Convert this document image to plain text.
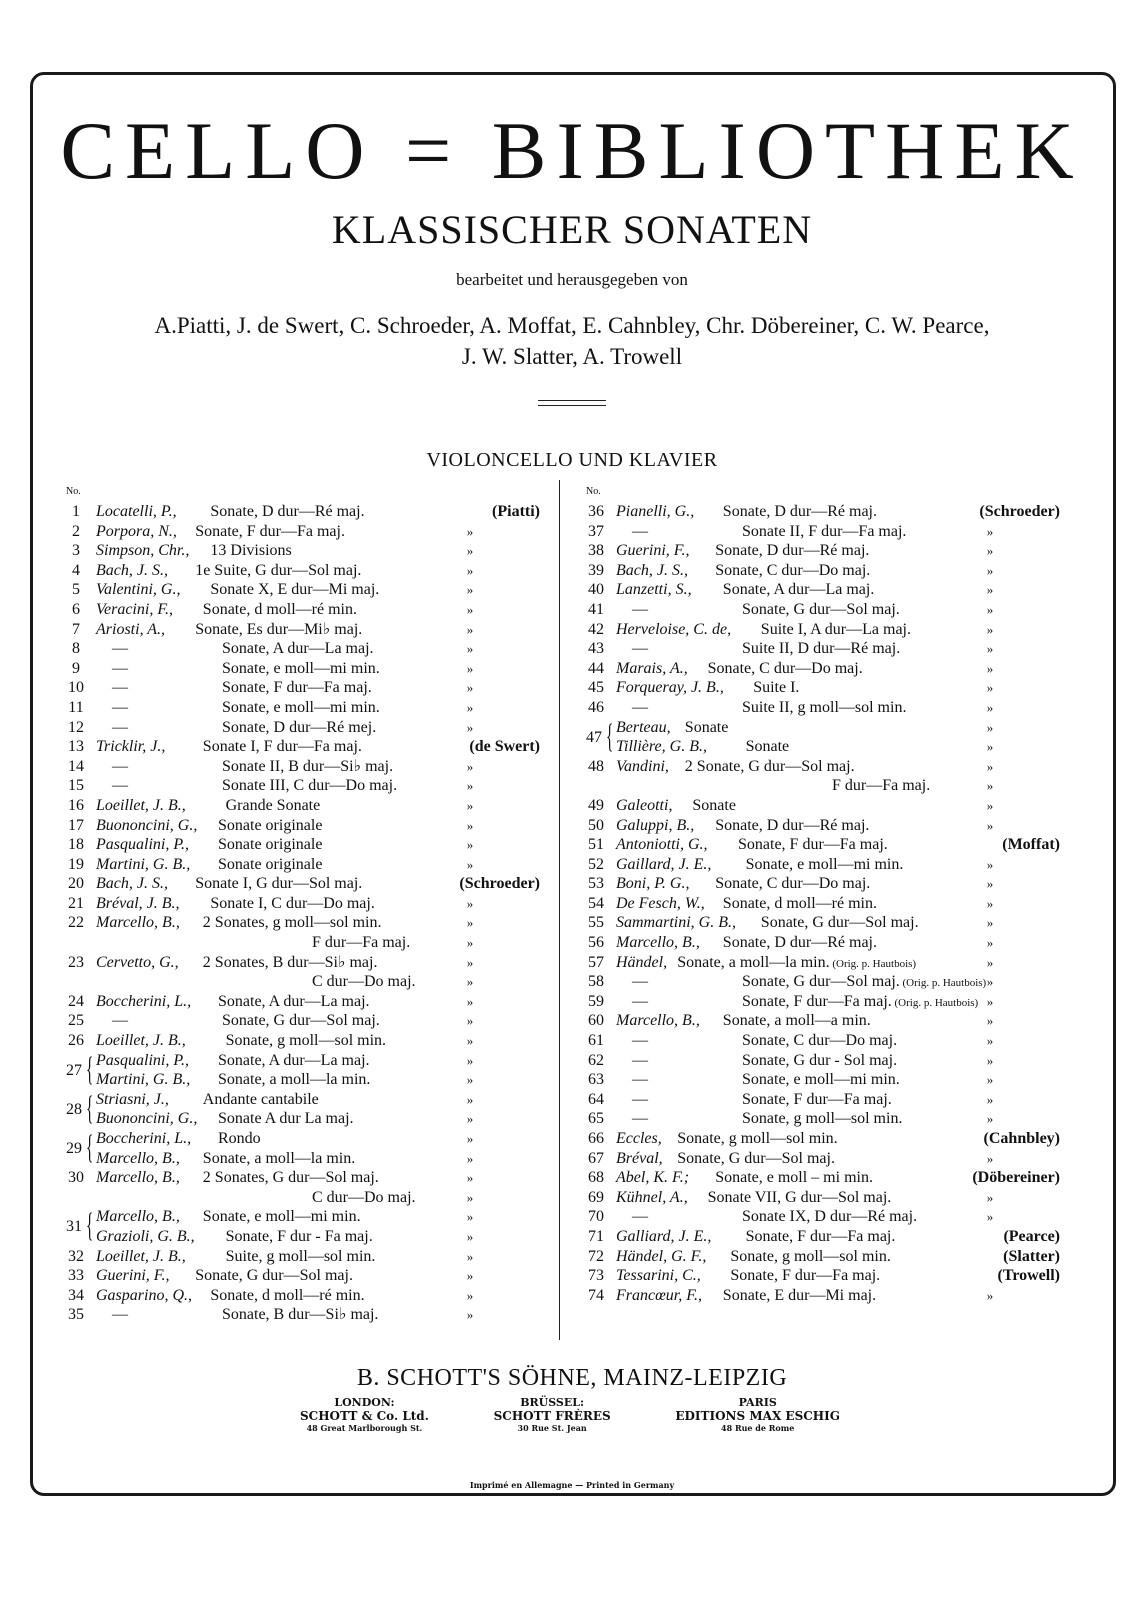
CELLO = BIBLIOTHEK
KLASSISCHER SONATEN
bearbeitet und herausgegeben von
A.Piatti, J. de Swert, C. Schroeder, A. Moffat, E. Cahnbley, Chr. Döbereiner, C. W. Pearce,
J. W. Slatter, A. Trowell
VIOLONCELLO UND KLAVIER
No.
1	Locatelli, P., Sonate, D dur—Ré maj.	(Piatti)
2	Porpora, N., Sonate, F dur—Fa maj.	»
3	Simpson, Chr., 13 Divisions	»
4	Bach, J. S., 1e Suite, G dur—Sol maj.	»
5	Valentini, G., Sonate X, E dur—Mi maj.	»
6	Veracini, F., Sonate, d moll—ré min.	»
7	Ariosti, A., Sonate, Es dur—Mi♭ maj.	»
8	—	Sonate, A dur—La maj.	»
9	—	Sonate, e moll—mi min.	»
10	—	Sonate, F dur—Fa maj.	»
11	—	Sonate, e moll—mi min.	»
12	—	Sonate, D dur—Ré mej.	»
13 Tricklir, J., Sonate I, F dur—Fa maj.	(de Swert)
14	—	Sonate II, B dur—Si♭ maj.	»
15	—	Sonate III, C dur—Do maj.	»
16 Loeillet, J. B., Grande Sonate	»
17 Buononcini, G., Sonate originale	»
18 Pasqualini, P., Sonate originale	»
19 Martini, G. B., Sonate originale	»
20 Bach, J. S., Sonate I, G dur—Sol maj.	(Schroeder)
21 Bréval, J. B., Sonate I, C dur—Do maj.	»
22 Marcello, B., 2 Sonates, g moll—sol min.	»
F dur—Fa maj.	»
23 Cervetto, G., 2 Sonates, B dur—Si♭ maj.	»
C dur—Do maj.	»
24 Boccherini, L., Sonate, A dur—La maj.	»
25	—	Sonate, G dur—Sol maj.	»
26 Loeillet, J. B., Sonate, g moll—sol min.	»
27 { Pasqualini, P., Sonate, A dur—La maj.	»
Martini, G. B., Sonate, a moll—la min.	»
28 { Striasni, J., Andante cantabile	»
Buononcini, G., Sonate A dur La maj.	»
29 { Boccherini, L., Rondo	»
Marcello, B., Sonate, a moll—la min.	»
30 Marcello, B., 2 Sonates, G dur—Sol maj.	»
C dur—Do maj.	»
31 { Marcello, B., Sonate, e moll—mi min.	»
Grazioli, G. B., Sonate, F dur - Fa maj.	»
32 Loeillet, J. B., Suite, g moll—sol min.	»
33 Guerini, F., Sonate, G dur—Sol maj.	»
34 Gasparino, Q., Sonate, d moll—ré min.	»
35	—	Sonate, B dur—Si♭ maj.	»
No.
36 Pianelli, G., Sonate, D dur—Ré maj.	(Schroeder)
37	—	Sonate II, F dur—Fa maj.	»
38 Guerini, F., Sonate, D dur—Ré maj.	»
39 Bach, J. S., Sonate, C dur—Do maj.	»
40 Lanzetti, S., Sonate, A dur—La maj.	»
41	—	Sonate, G dur—Sol maj.	»
42 Herveloise, C. de, Suite I, A dur—La maj.	»
43	—	Suite II, D dur—Ré maj.	»
44 Marais, A., Sonate, C dur—Do maj.	»
45 Forqueray, J. B., Suite I.	»
46	—	Suite II, g moll—sol min.	»
47 { Berteau, Sonate	»
Tillière, G. B., Sonate	»
48 Vandini, 2 Sonate, G dur—Sol maj.	»
F dur—Fa maj.	»
49 Galeotti, Sonate	»
50 Galuppi, B., Sonate, D dur—Ré maj.	»
51 Antoniotti, G., Sonate, F dur—Fa maj.	(Moffat)
52 Gaillard, J. E., Sonate, e moll—mi min.	»
53 Boni, P. G., Sonate, C dur—Do maj.	»
54 De Fesch, W., Sonate, d moll—ré min.	»
55 Sammartini, G. B., Sonate, G dur—Sol maj.	»
56 Marcello, B., Sonate, D dur—Ré maj.	»
57 Händel, Sonate, a moll—la min. (Orig. p. Hautbois)	»
58	—	Sonate, G dur—Sol maj. (Orig. p. Hautbois) »
59	—	Sonate, F dur—Fa maj. (Orig. p. Hautbois) »
60 Marcello, B., Sonate, a moll—a min.	»
61	—	Sonate, C dur—Do maj.	»
62	—	Sonate, G dur - Sol maj.	»
63	—	Sonate, e moll—mi min.	»
64	—	Sonate, F dur—Fa maj.	»
65	—	Sonate, g moll—sol min.	»
66 Eccles, Sonate, g moll—sol min.	(Cahnbley)
67 Bréval, Sonate, G dur—Sol maj.	»
68 Abel, K. F.; Sonate, e moll – mi min.	(Döbereiner)
69 Kühnel, A., Sonate VII, G dur—Sol maj.	»
70	—	Sonate IX, D dur—Ré maj.	»
71 Galliard, J. E., Sonate, F dur—Fa maj.	(Pearce)
72 Händel, G. F., Sonate, g moll—sol min.	(Slatter)
73 Tessarini, C., Sonate, F dur—Fa maj.	(Trowell)
74 Francœur, F., Sonate, E dur—Mi maj.	»
B. SCHOTT'S SÖHNE, MAINZ-LEIPZIG
LONDON:
SCHOTT & Co. Ltd.
48 Great Marlborough St.
BRÜSSEL:
SCHOTT FRÈRES
30 Rue St. Jean
PARIS
EDITIONS MAX ESCHIG
48 Rue de Rome
Imprimé en Allemagne — Printed in Germany
